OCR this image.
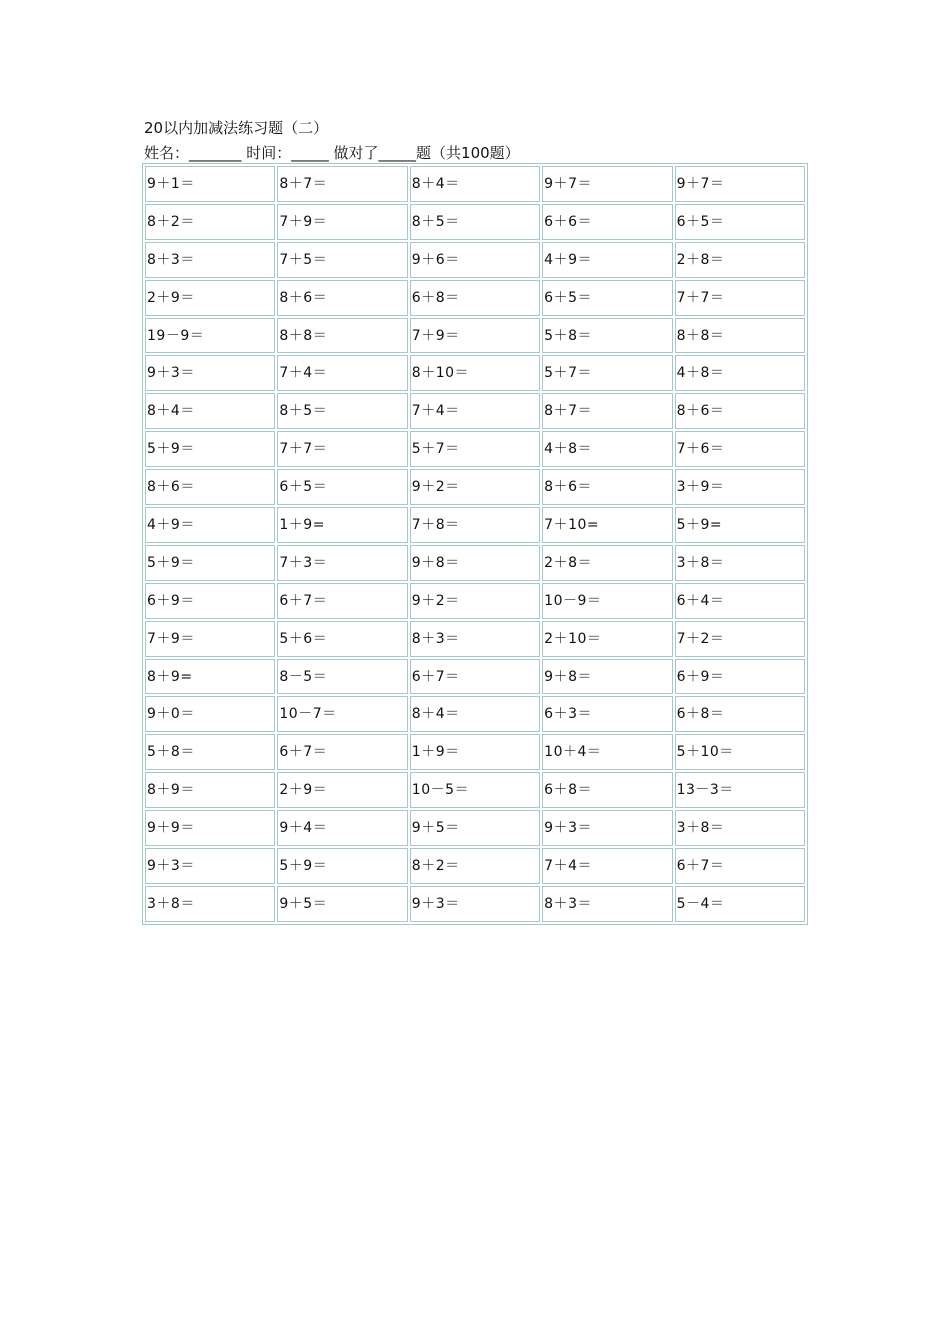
20以内加减法练习题（二）
姓名：_______ 时间：_____ 做对了_____题（共100题）
9＋1＝	8＋7＝	8＋4＝	9＋7＝	9＋7＝
8＋2＝	7＋9＝	8＋5＝	6＋6＝	6＋5＝
8＋3＝	7＋5＝	9＋6＝	4＋9＝	2＋8＝
2＋9＝	8＋6＝	6＋8＝	6＋5＝	7＋7＝
19－9＝	8＋8＝	7＋9＝	5＋8＝	8＋8＝
9＋3＝	7＋4＝	8＋10＝	5＋7＝	4＋8＝
8＋4＝	8＋5＝	7＋4＝	8＋7＝	8＋6＝
5＋9＝	7＋7＝	5＋7＝	4＋8＝	7＋6＝
8＋6＝	6＋5＝	9＋2＝	8＋6＝	3＋9＝
4＋9＝	1＋9=	7＋8＝	7＋10=	5＋9=
5＋9＝	7＋3＝	9＋8＝	2＋8＝	3＋8＝
6＋9＝	6＋7＝	9＋2＝	10－9＝	6＋4＝
7＋9＝	5＋6＝	8＋3＝	2＋10＝	7＋2＝
8＋9=	8－5＝	6＋7＝	9＋8＝	6＋9＝
9＋0＝	10－7＝	8＋4＝	6＋3＝	6＋8＝
5＋8＝	6＋7＝	1＋9＝	10＋4＝	5＋10＝
8＋9＝	2＋9＝	10－5＝	6＋8＝	13－3＝
9＋9＝	9＋4＝	9＋5＝	9＋3＝	3＋8＝
9＋3＝	5＋9＝	8＋2＝	7＋4＝	6＋7＝
3＋8＝	9＋5＝	9＋3＝	8＋3＝	5－4＝
